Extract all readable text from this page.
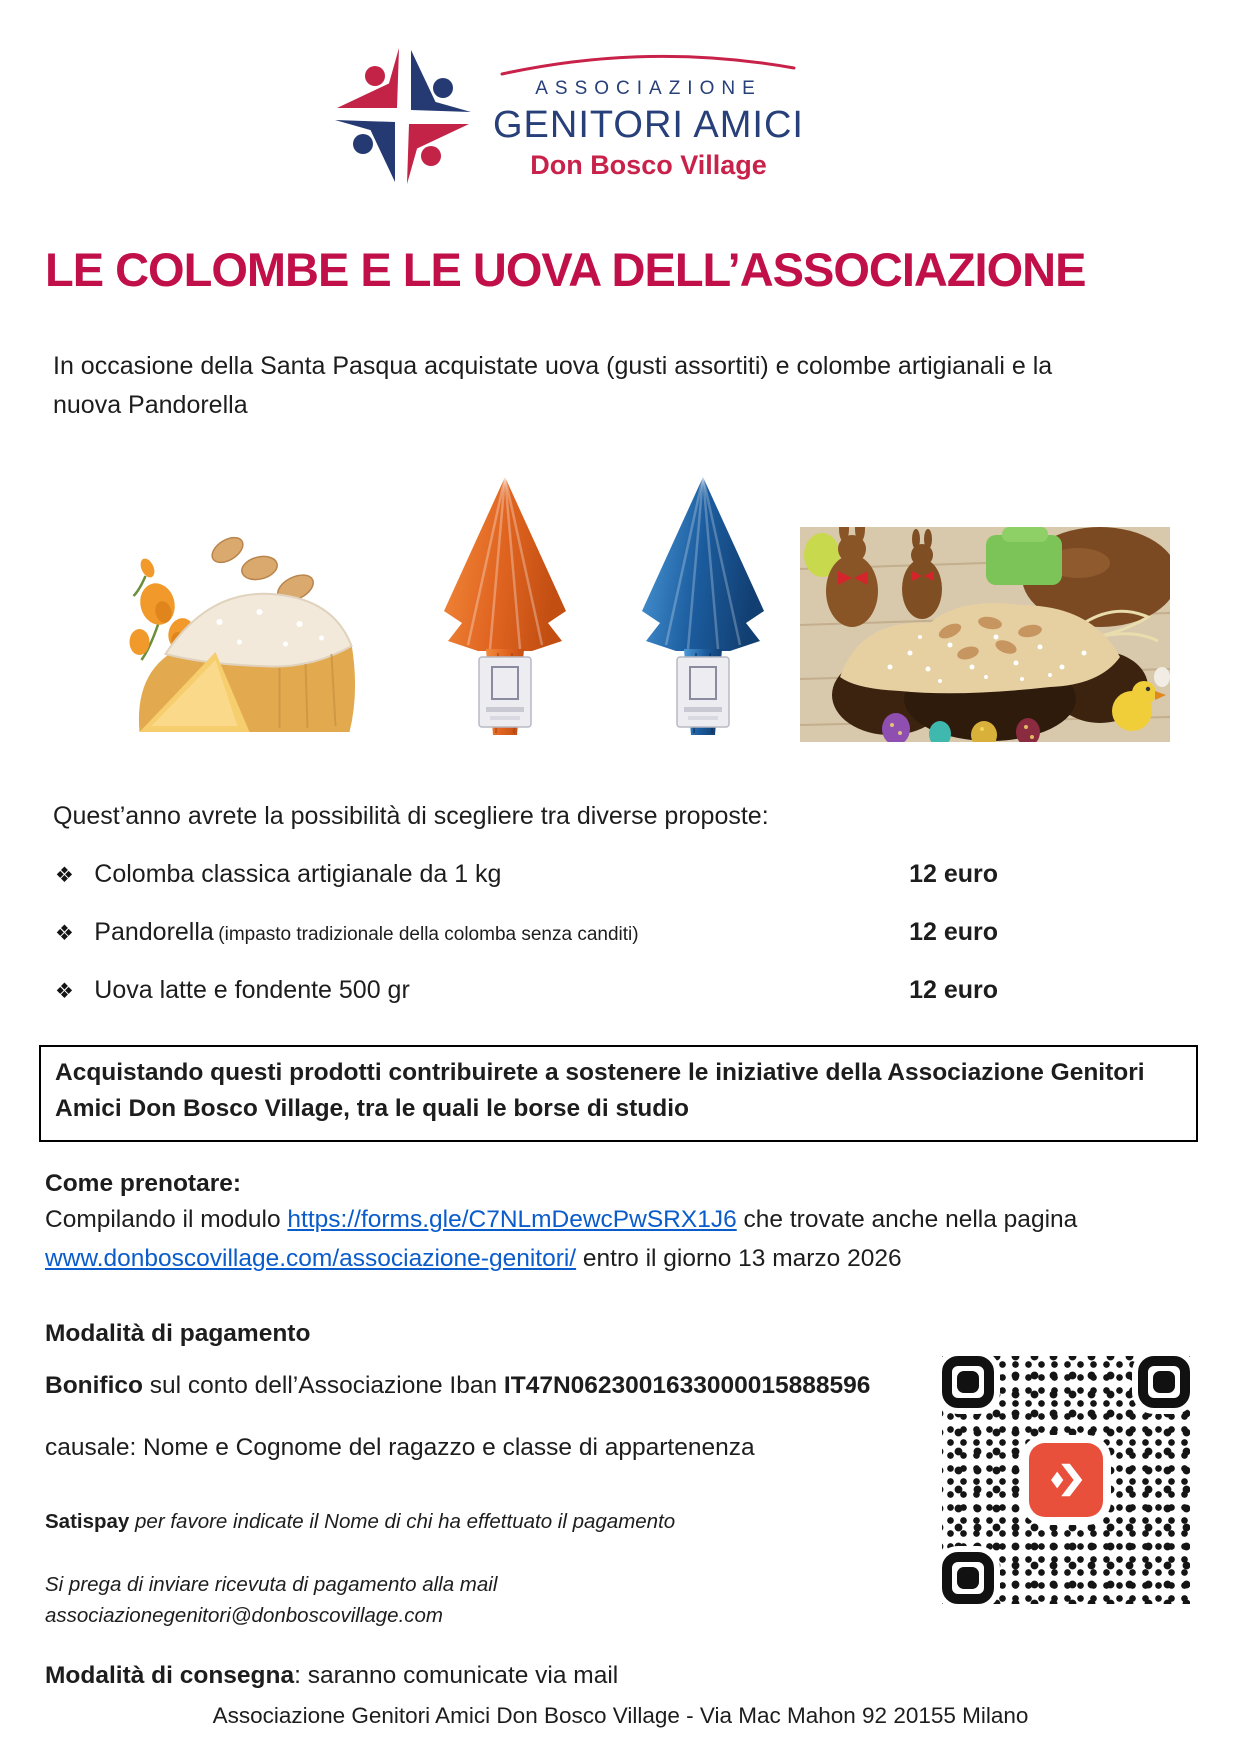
ASSOCIAZIONE
GENITORI AMICI
Don Bosco Village
LE COLOMBE E LE UOVA DELL’ASSOCIAZIONE

In occasione della Santa Pasqua acquistate uova (gusti assortiti) e colombe artigianali e la
nuova Pandorella

Quest’anno avrete la possibilità di scegliere tra diverse proposte:

❖ Colomba classica artigianale da 1 kg	12 euro
❖ Pandorella (impasto tradizionale della colomba senza canditi)	12 euro
❖ Uova latte e fondente 500 gr	12 euro
Acquistando questi prodotti contribuirete a sostenere le iniziative della Associazione Genitori Amici Don Bosco Village, tra le quali le borse di studio
Come prenotare:
Compilando il modulo https://forms.gle/C7NLmDewcPwSRX1J6 che trovate anche nella pagina www.donboscovillage.com/associazione-genitori/ entro il giorno 13 marzo 2026
Modalità di pagamento

Bonifico sul conto dell’Associazione Iban IT47N0623001633000015888596

causale: Nome e Cognome del ragazzo e classe di appartenenza

Satispay per favore indicate il Nome di chi ha effettuato il pagamento

Si prega di inviare ricevuta di pagamento alla mail
associazionegenitori@donboscovillage.com

Modalità di consegna: saranno comunicate via mail

Associazione Genitori Amici Don Bosco Village - Via Mac Mahon 92 20155 Milano
